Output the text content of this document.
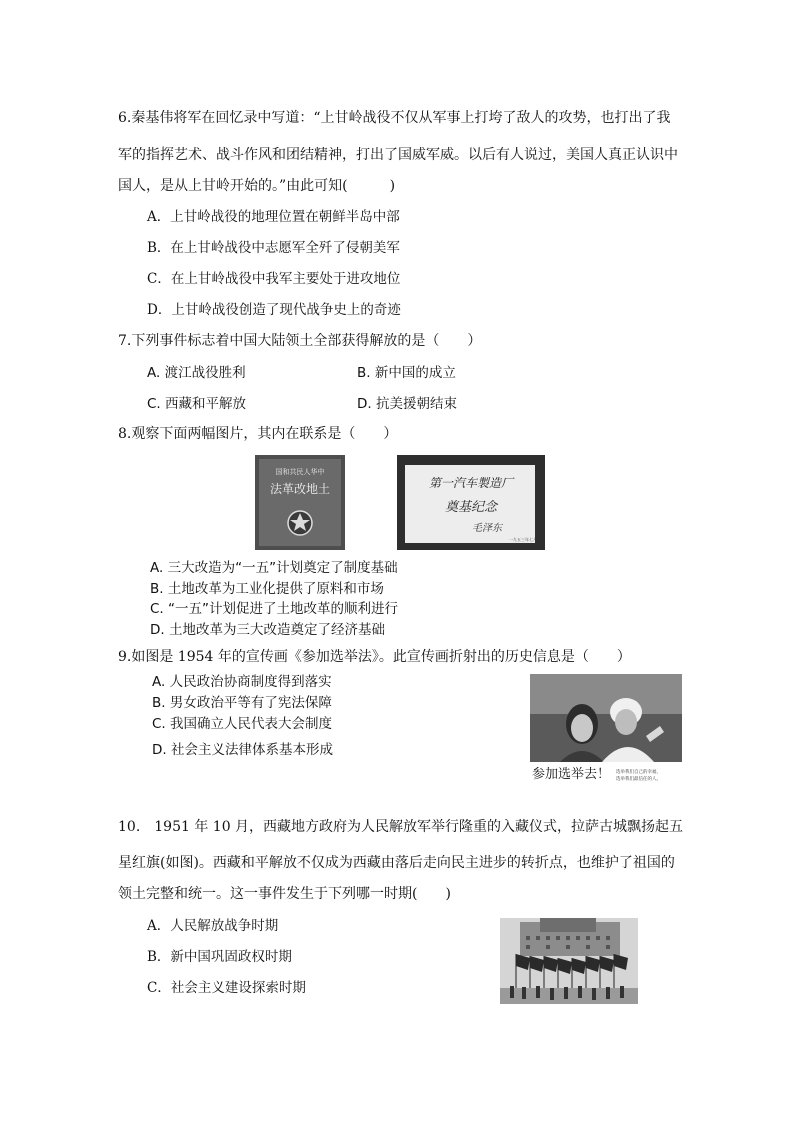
6.秦基伟将军在回忆录中写道：“上甘岭战役不仅从军事上打垮了敌人的攻势，也打出了我
军的指挥艺术、战斗作风和团结精神，打出了国威军威。以后有人说过，美国人真正认识中
国人，是从上甘岭开始的。”由此可知(　　　)
A．上甘岭战役的地理位置在朝鲜半岛中部
B．在上甘岭战役中志愿军全歼了侵朝美军
C．在上甘岭战役中我军主要处于进攻地位
D．上甘岭战役创造了现代战争史上的奇迹
7.下列事件标志着中国大陆领土全部获得解放的是（　　）
A. 渡江战役胜利	B. 新中国的成立
C. 西藏和平解放	D. 抗美援朝结束
8.观察下面两幅图片，其内在联系是（　　）
国和共民人华中
法革改地土	第一汽车製造厂
奠基纪念
毛泽东
一九五三年七月
A. 三大改造为“一五”计划奠定了制度基础
B. 土地改革为工业化提供了原料和市场
C. “一五”计划促进了土地改革的顺利进行
D. 土地改革为三大改造奠定了经济基础
9.如图是 1954 年的宣传画《参加选举法》。此宣传画折射出的历史信息是（　　）
A. 人民政治协商制度得到落实
B. 男女政治平等有了宪法保障
C. 我国确立人民代表大会制度
D. 社会主义法律体系基本形成
参加选举去！ 选举我们自己的幸福，
选举我们最信任的人。
10.　1951 年 10 月，西藏地方政府为人民解放军举行隆重的入藏仪式，拉萨古城飘扬起五
星红旗(如图)。西藏和平解放不仅成为西藏由落后走向民主进步的转折点，也维护了祖国的
领土完整和统一。这一事件发生于下列哪一时期(　　)
A．人民解放战争时期
B．新中国巩固政权时期
C．社会主义建设探索时期
